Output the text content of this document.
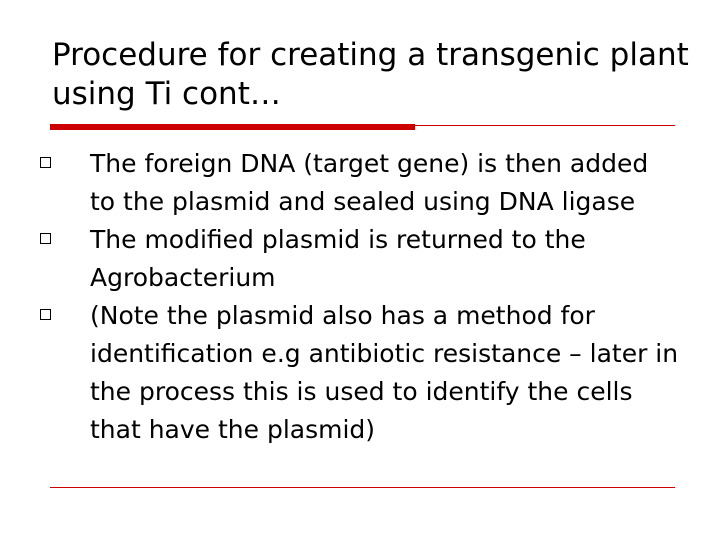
Procedure for creating a transgenic plant using Ti cont…
The foreign DNA (target gene) is then added to the plasmid and sealed using DNA ligase
The modified plasmid is returned to the Agrobacterium
(Note the plasmid also has a method for identification e.g antibiotic resistance – later in the process this is used to identify the cells that have the plasmid)
